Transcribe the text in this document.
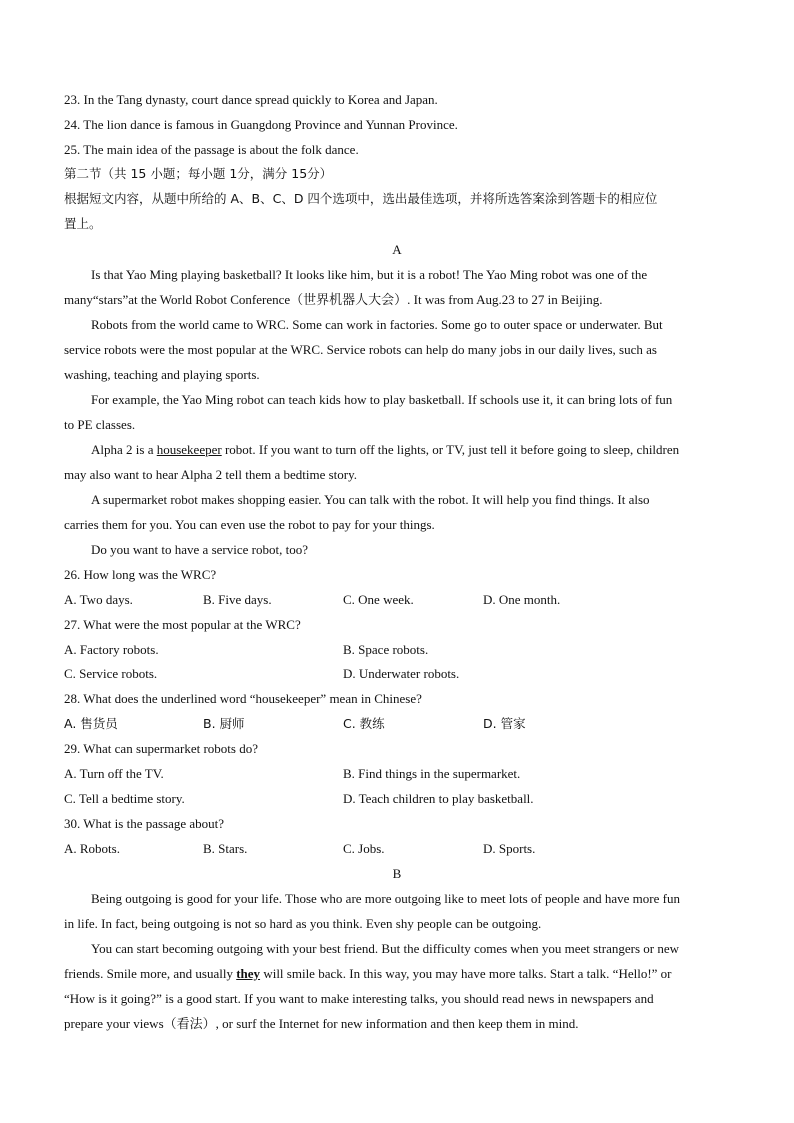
23. In the Tang dynasty, court dance spread quickly to Korea and Japan.
24. The lion dance is famous in Guangdong Province and Yunnan Province.
25. The main idea of the passage is about the folk dance.
第二节（共 15 小题；每小题 1分，满分 15分）
根据短文内容，从题中所给的 A、B、C、D 四个选项中，选出最佳选项，并将所选答案涂到答题卡的相应位
置上。
A
Is that Yao Ming playing basketball? It looks like him, but it is a robot! The Yao Ming robot was one of the
many“stars”at the World Robot Conference（世界机器人大会）. It was from Aug.23 to 27 in Beijing.
Robots from the world came to WRC. Some can work in factories. Some go to outer space or underwater. But
service robots were the most popular at the WRC. Service robots can help do many jobs in our daily lives, such as
washing, teaching and playing sports.
For example, the Yao Ming robot can teach kids how to play basketball. If schools use it, it can bring lots of fun
to PE classes.
Alpha 2 is a housekeeper robot. If you want to turn off the lights, or TV, just tell it before going to sleep, children
may also want to hear Alpha 2 tell them a bedtime story.
A supermarket robot makes shopping easier. You can talk with the robot. It will help you find things. It also
carries them for you. You can even use the robot to pay for your things.
Do you want to have a service robot, too?
26. How long was the WRC?
A. Two days.	B. Five days.	C. One week.	D. One month.
27. What were the most popular at the WRC?
A. Factory robots.	B. Space robots.
C. Service robots.	D. Underwater robots.
28. What does the underlined word “housekeeper” mean in Chinese?
A. 售货员	B. 厨师	C. 教练	D. 管家
29. What can supermarket robots do?
A. Turn off the TV.	B. Find things in the supermarket.
C. Tell a bedtime story.	D. Teach children to play basketball.
30. What is the passage about?
A. Robots.	B. Stars.	C. Jobs.	D. Sports.
B
Being outgoing is good for your life. Those who are more outgoing like to meet lots of people and have more fun
in life. In fact, being outgoing is not so hard as you think. Even shy people can be outgoing.
You can start becoming outgoing with your best friend. But the difficulty comes when you meet strangers or new
friends. Smile more, and usually they will smile back. In this way, you may have more talks. Start a talk. “Hello!” or
“How is it going?” is a good start. If you want to make interesting talks, you should read news in newspapers and
prepare your views（看法）, or surf the Internet for new information and then keep them in mind.
